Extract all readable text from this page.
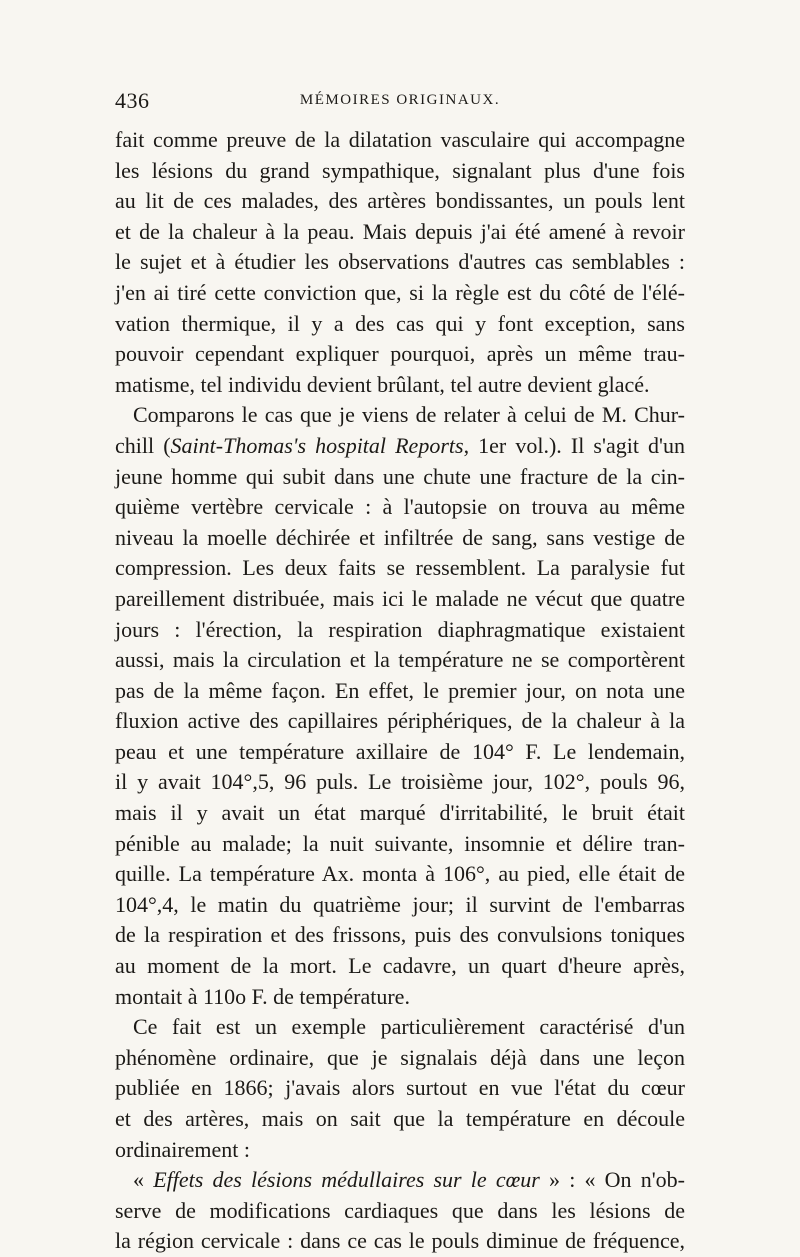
436	MÉMOIRES ORIGINAUX.
fait comme preuve de la dilatation vasculaire qui accompagne
les lésions du grand sympathique, signalant plus d'une fois
au lit de ces malades, des artères bondissantes, un pouls lent
et de la chaleur à la peau. Mais depuis j'ai été amené à revoir
le sujet et à étudier les observations d'autres cas semblables :
j'en ai tiré cette conviction que, si la règle est du côté de l'élé-
vation thermique, il y a des cas qui y font exception, sans
pouvoir cependant expliquer pourquoi, après un même trau-
matisme, tel individu devient brûlant, tel autre devient glacé.
Comparons le cas que je viens de relater à celui de M. Chur-
chill (Saint-Thomas's hospital Reports, 1er vol.). Il s'agit d'un
jeune homme qui subit dans une chute une fracture de la cin-
quième vertèbre cervicale : à l'autopsie on trouva au même
niveau la moelle déchirée et infiltrée de sang, sans vestige de
compression. Les deux faits se ressemblent. La paralysie fut
pareillement distribuée, mais ici le malade ne vécut que quatre
jours : l'érection, la respiration diaphragmatique existaient
aussi, mais la circulation et la température ne se comportèrent
pas de la même façon. En effet, le premier jour, on nota une
fluxion active des capillaires périphériques, de la chaleur à la
peau et une température axillaire de 104° F. Le lendemain,
il y avait 104°,5, 96 puls. Le troisième jour, 102°, pouls 96,
mais il y avait un état marqué d'irritabilité, le bruit était
pénible au malade; la nuit suivante, insomnie et délire tran-
quille. La température Ax. monta à 106°, au pied, elle était de
104°,4, le matin du quatrième jour; il survint de l'embarras
de la respiration et des frissons, puis des convulsions toniques
au moment de la mort. Le cadavre, un quart d'heure après,
montait à 110o F. de température.
Ce fait est un exemple particulièrement caractérisé d'un
phénomène ordinaire, que je signalais déjà dans une leçon
publiée en 1866; j'avais alors surtout en vue l'état du cœur
et des artères, mais on sait que la température en découle
ordinairement :
« Effets des lésions médullaires sur le cœur » : « On n'ob-
serve de modifications cardiaques que dans les lésions de
la région cervicale : dans ce cas le pouls diminue de fréquence,
